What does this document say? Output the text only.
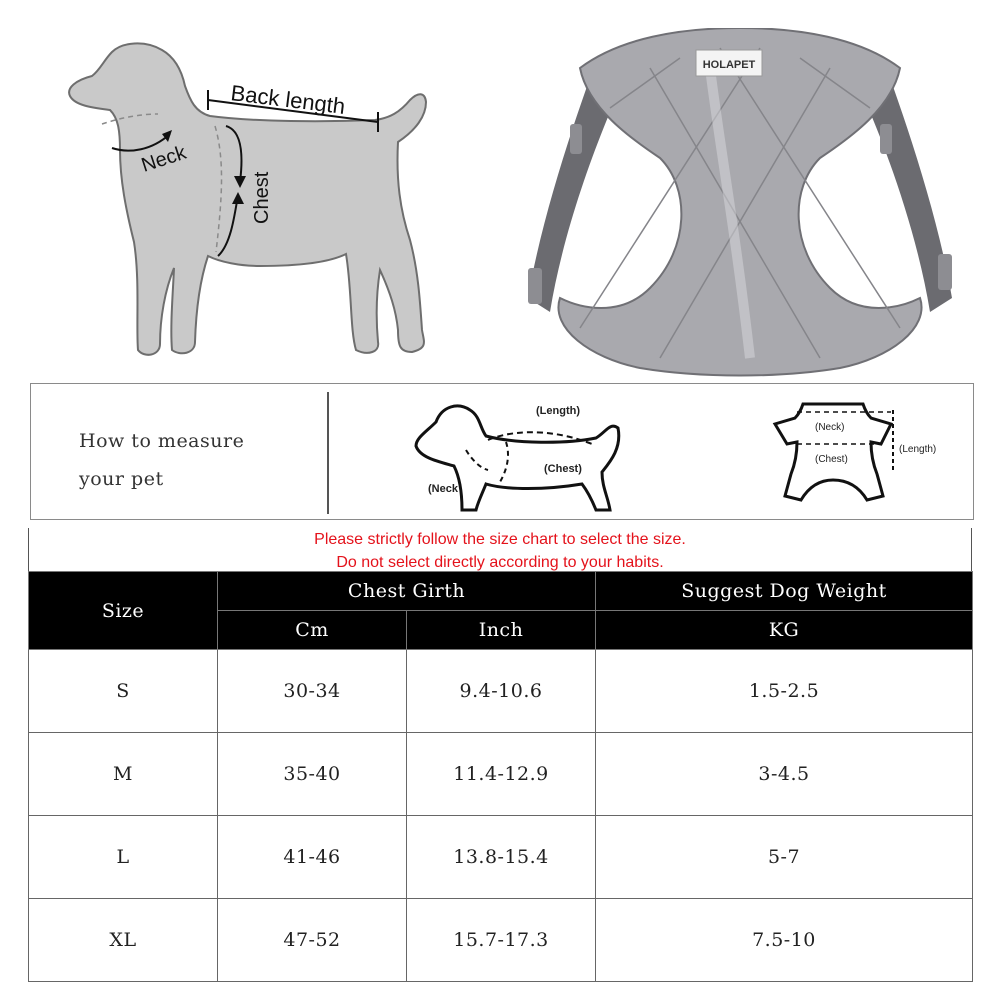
Back length
Neck
Chest
HOLAPET
How to measure
your pet
(Length)
(Chest)
(Neck
(Neck)
(Chest)
(Length)
Please strictly follow the size chart to select the size.
Do not select directly according to your habits.
Size	Chest Girth		Suggest Dog Weight
	Cm	Inch	KG
S	30-34	9.4-10.6	1.5-2.5
M	35-40	11.4-12.9	3-4.5
L	41-46	13.8-15.4	5-7
XL	47-52	15.7-17.3	7.5-10
